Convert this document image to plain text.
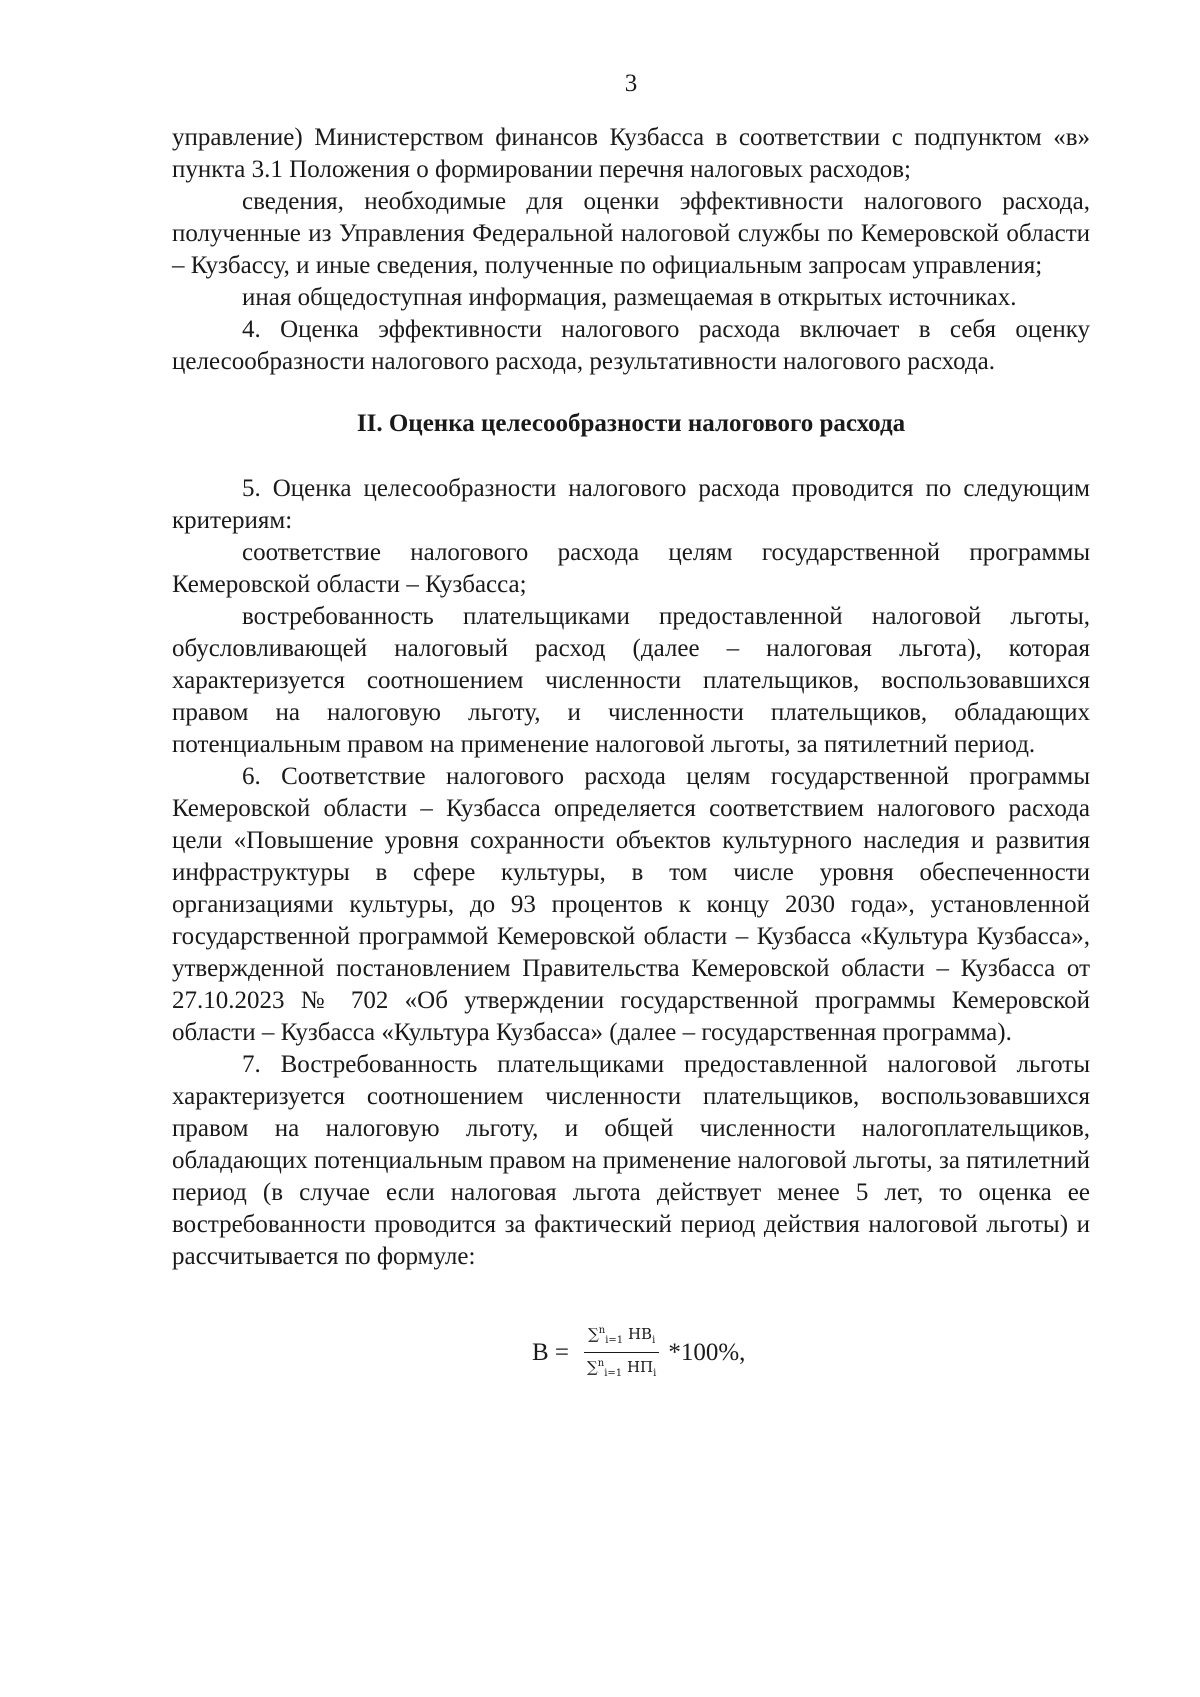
3

управление) Министерством финансов Кузбасса в соответствии с подпунктом «в» пункта 3.1 Положения о формировании перечня налоговых расходов;

сведения, необходимые для оценки эффективности налогового расхода, полученные из Управления Федеральной налоговой службы по Кемеровской области – Кузбассу, и иные сведения, полученные по официальным запросам управления;

иная общедоступная информация, размещаемая в открытых источниках.

4. Оценка эффективности налогового расхода включает в себя оценку целесообразности налогового расхода, результативности налогового расхода.

II. Оценка целесообразности налогового расхода

5. Оценка целесообразности налогового расхода проводится по следующим критериям:

соответствие налогового расхода целям государственной программы Кемеровской области – Кузбасса;

востребованность плательщиками предоставленной налоговой льготы, обусловливающей налоговый расход (далее – налоговая льгота), которая характеризуется соотношением численности плательщиков, воспользовавшихся правом на налоговую льготу, и численности плательщиков, обладающих потенциальным правом на применение налоговой льготы, за пятилетний период.

6. Соответствие налогового расхода целям государственной программы Кемеровской области – Кузбасса определяется соответствием налогового расхода цели «Повышение уровня сохранности объектов культурного наследия и развития инфраструктуры в сфере культуры, в том числе уровня обеспеченности организациями культуры, до 93 процентов к концу 2030 года», установленной государственной программой Кемеровской области – Кузбасса «Культура Кузбасса», утвержденной постановлением Правительства Кемеровской области – Кузбасса от 27.10.2023 № 702 «Об утверждении государственной программы Кемеровской области – Кузбасса «Культура Кузбасса» (далее – государственная программа).

7. Востребованность плательщиками предоставленной налоговой льготы характеризуется соотношением численности плательщиков, воспользовавшихся правом на налоговую льготу, и общей численности налогоплательщиков, обладающих потенциальным правом на применение налоговой льготы, за пятилетний период (в случае если налоговая льгота действует менее 5 лет, то оценка ее востребованности проводится за фактический период действия налоговой льготы) и рассчитывается по формуле:

$В = \frac{\sum^n_{i=1} НВ_i}{\sum^n_{i=1} НП_i} *100\%$,
